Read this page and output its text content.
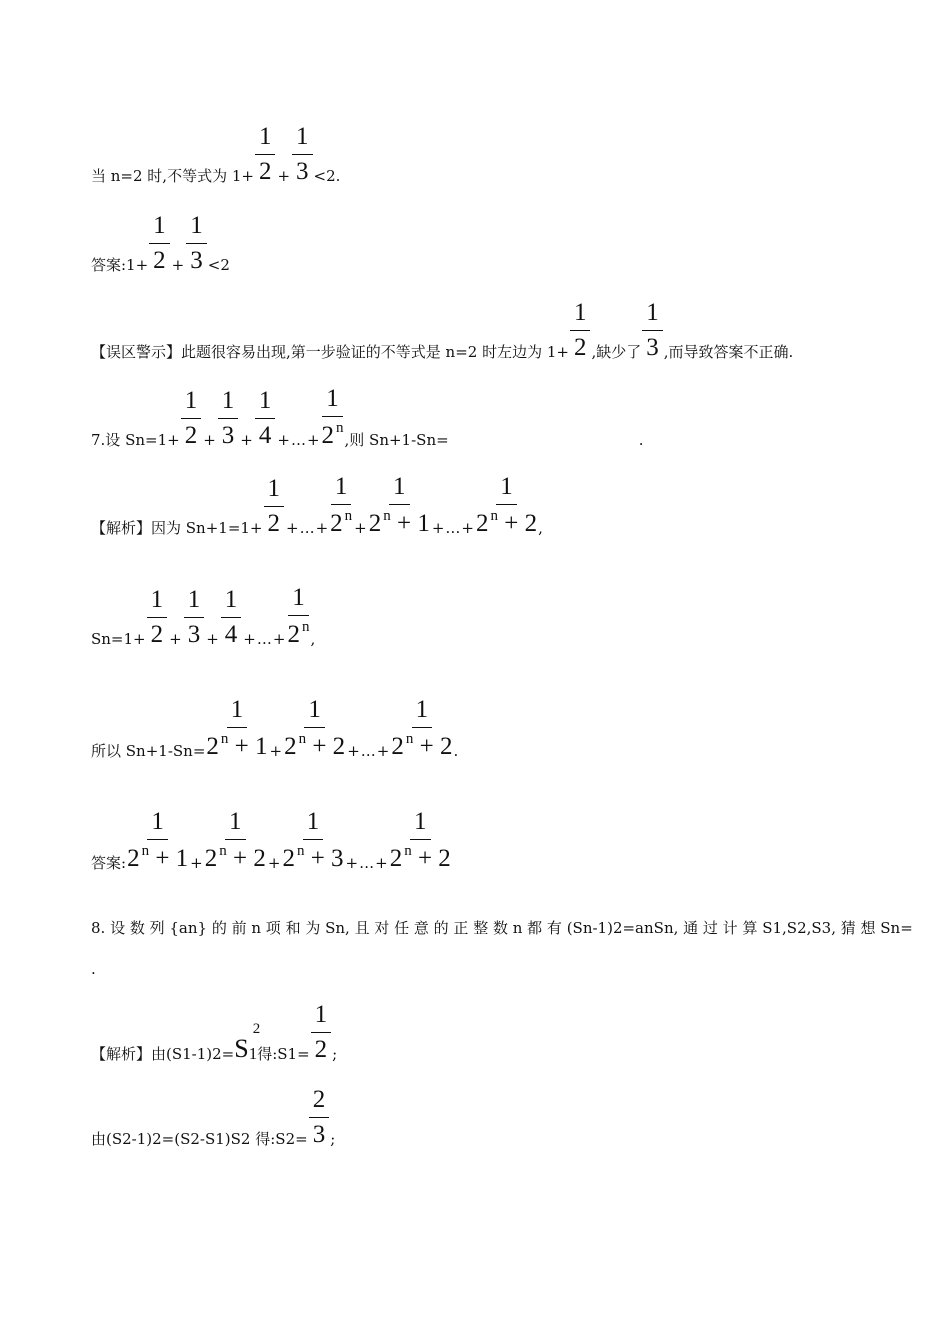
当 n=2 时,不等式为 $1+ \frac{1}{2} + \frac{1}{3} <2$.
答案:1+ $\frac{1}{2} + \frac{1}{3} <2$
【误区警示】此题很容易出现,第一步验证的不等式是 n=2 时左边为 $1+ \frac{1}{2}$ ,缺少了 $\frac{1}{3}$ ,而导致答案不正确.
7.设 $Sn=1+ \frac{1}{2} + \frac{1}{3} + \frac{1}{4}$ + … + $\frac{1}{2 ^n}$ ,则 Sn+1-Sn=	.
【解析】因为 $Sn+1=1+ \frac{1}{2}$ + … + $\frac{1}{2 ^n} + \frac{1}{2 ^n + 1}$ + … + $\frac{1}{2 ^n + 2}$ ,
$Sn=1+ \frac{1}{2} + \frac{1}{3} + \frac{1}{4}$ + … + $\frac{1}{2 ^n}$ ,
所以 $Sn+1-Sn= \frac{1}{2 ^n + 1} + \frac{1}{2 ^n + 2}$ + … + $\frac{1}{2 ^n + 2}$ .
答案: $\frac{1}{2 ^n + 1} + \frac{1}{2 ^n + 2} + \frac{1}{2 ^n + 3}$ + … + $\frac{1}{2 ^n + 2}$
8. 设 数 列 {an} 的 前 n 项 和 为 Sn, 且 对 任 意 的 正 整 数 n 都 有 (Sn-1)2=anSn, 通 过 计 算 S1,S2,S3, 猜 想 Sn=
.
【解析】由(S1-1)2= S
2
$_1$ 得:S1= $\frac{1}{2}$ ;
由(S2-1)2=(S2-S1)S2 得:S2= $\frac{2}{3}$ ;
